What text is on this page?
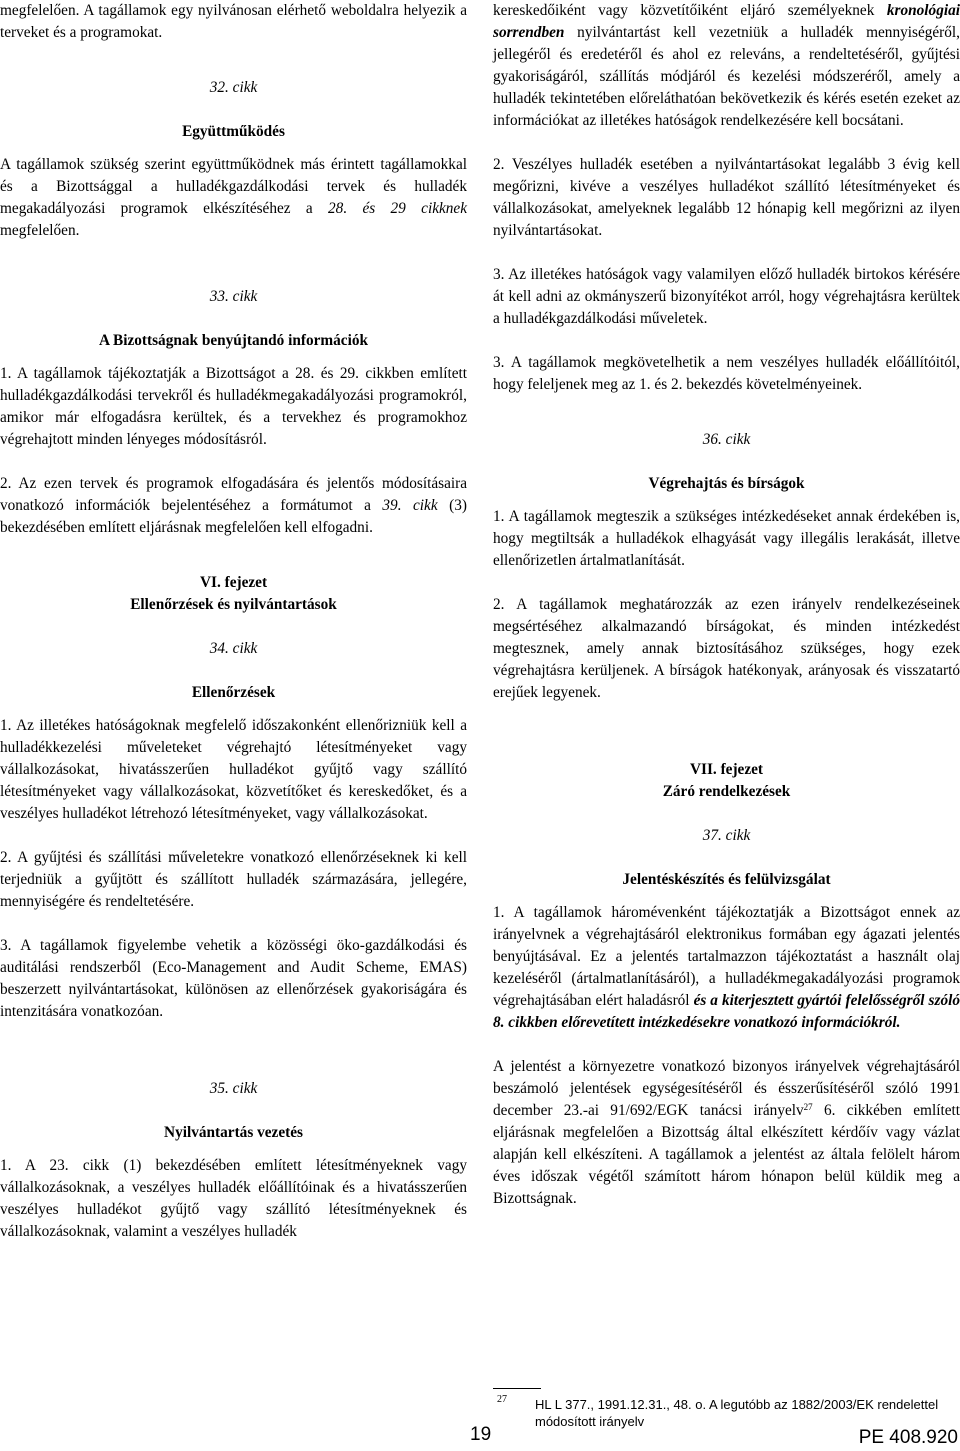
megfelelően. A tagállamok egy nyilvánosan elérhető weboldalra helyezik a terveket és a programokat.

32. cikk

Együttműködés

A tagállamok szükség szerint együttműködnek más érintett tagállamokkal és a Bizottsággal a hulladékgazdálkodási tervek és hulladék megakadályozási programok elkészítéséhez a 28. és 29 cikknek megfelelően.

33. cikk

A Bizottságnak benyújtandó információk

1. A tagállamok tájékoztatják a Bizottságot a 28. és 29. cikkben említett hulladékgazdálkodási tervekről és hulladékmegakadályozási programokról, amikor már elfogadásra kerültek, és a tervekhez és programokhoz végrehajtott minden lényeges módosításról.

2. Az ezen tervek és programok elfogadására és jelentős módosításaira vonatkozó információk bejelentéséhez a formátumot a 39. cikk (3) bekezdésében említett eljárásnak megfelelően kell elfogadni.

VI. fejezet

Ellenőrzések és nyilvántartások

34. cikk

Ellenőrzések

1. Az illetékes hatóságoknak megfelelő időszakonként ellenőrizniük kell a hulladékkezelési műveleteket végrehajtó létesítményeket vagy vállalkozásokat, hivatásszerűen hulladékot gyűjtő vagy szállító létesítményeket vagy vállalkozásokat, közvetítőket és kereskedőket, és a veszélyes hulladékot létrehozó létesítményeket, vagy vállalkozásokat.

2. A gyűjtési és szállítási műveletekre vonatkozó ellenőrzéseknek ki kell terjedniük a gyűjtött és szállított hulladék származására, jellegére, mennyiségére és rendeltetésére.

3. A tagállamok figyelembe vehetik a közösségi öko-gazdálkodási és auditálási rendszerből (Eco-Management and Audit Scheme, EMAS) beszerzett nyilvántartásokat, különösen az ellenőrzések gyakoriságára és intenzitására vonatkozóan.

35. cikk

Nyilvántartás vezetés

1. A 23. cikk (1) bekezdésében említett létesítményeknek vagy vállalkozásoknak, a veszélyes hulladék előállítóinak és a hivatásszerűen veszélyes hulladékot gyűjtő vagy szállító létesítményeknek és vállalkozásoknak, valamint a veszélyes hulladék

kereskedőiként vagy közvetítőiként eljáró személyeknek kronológiai sorrendben nyilvántartást kell vezetniük a hulladék mennyiségéről, jellegéről és eredetéről és ahol ez releváns, a rendeltetéséről, gyűjtési gyakoriságáról, szállítás módjáról és kezelési módszeréről, amely a hulladék tekintetében előreláthatóan bekövetkezik és kérés esetén ezeket az információkat az illetékes hatóságok rendelkezésére kell bocsátani.

2. Veszélyes hulladék esetében a nyilvántartásokat legalább 3 évig kell megőrizni, kivéve a veszélyes hulladékot szállító létesítményeket és vállalkozásokat, amelyeknek legalább 12 hónapig kell megőrizni az ilyen nyilvántartásokat.

3. Az illetékes hatóságok vagy valamilyen előző hulladék birtokos kérésére át kell adni az okmányszerű bizonyítékot arról, hogy végrehajtásra kerültek a hulladékgazdálkodási műveletek.

3. A tagállamok megkövetelhetik a nem veszélyes hulladék előállítóitól, hogy feleljenek meg az 1. és 2. bekezdés követelményeinek.

36. cikk

Végrehajtás és bírságok

1. A tagállamok megteszik a szükséges intézkedéseket annak érdekében is, hogy megtiltsák a hulladékok elhagyását vagy illegális lerakását, illetve ellenőrizetlen ártalmatlanítását.

2. A tagállamok meghatározzák az ezen irányelv rendelkezéseinek megsértéséhez alkalmazandó bírságokat, és minden intézkedést megtesznek, amely annak biztosításához szükséges, hogy ezek végrehajtásra kerüljenek. A bírságok hatékonyak, arányosak és visszatartó erejűek legyenek.

VII. fejezet

Záró rendelkezések

37. cikk

Jelentéskészítés és felülvizsgálat

1. A tagállamok háromévenként tájékoztatják a Bizottságot ennek az irányelvnek a végrehajtásáról elektronikus formában egy ágazati jelentés benyújtásával. Ez a jelentés tartalmazzon tájékoztatást a használt olaj kezeléséről (ártalmatlanításáról), a hulladékmegakadályozási programok végrehajtásában elért haladásról és a kiterjesztett gyártói felelősségről szóló 8. cikkben előrevetített intézkedésekre vonatkozó információkról.

A jelentést a környezetre vonatkozó bizonyos irányelvek végrehajtásáról beszámoló jelentések egységesítéséről és ésszerűsítéséről szóló 1991 december 23.-ai 91/692/EGK tanácsi irányelv$^{27}$ 6. cikkében említett eljárásnak megfelelően a Bizottság által elkészített kérdőív vagy vázlat alapján kell elkészíteni. A tagállamok a jelentést az általa felölelt három éves időszak végétől számított három hónapon belül küldik meg a Bizottságnak.

27 HL L 377., 1991.12.31., 48. o. A legutóbb az 1882/2003/EK rendelettel módosított irányelv
19	PE 408.920
